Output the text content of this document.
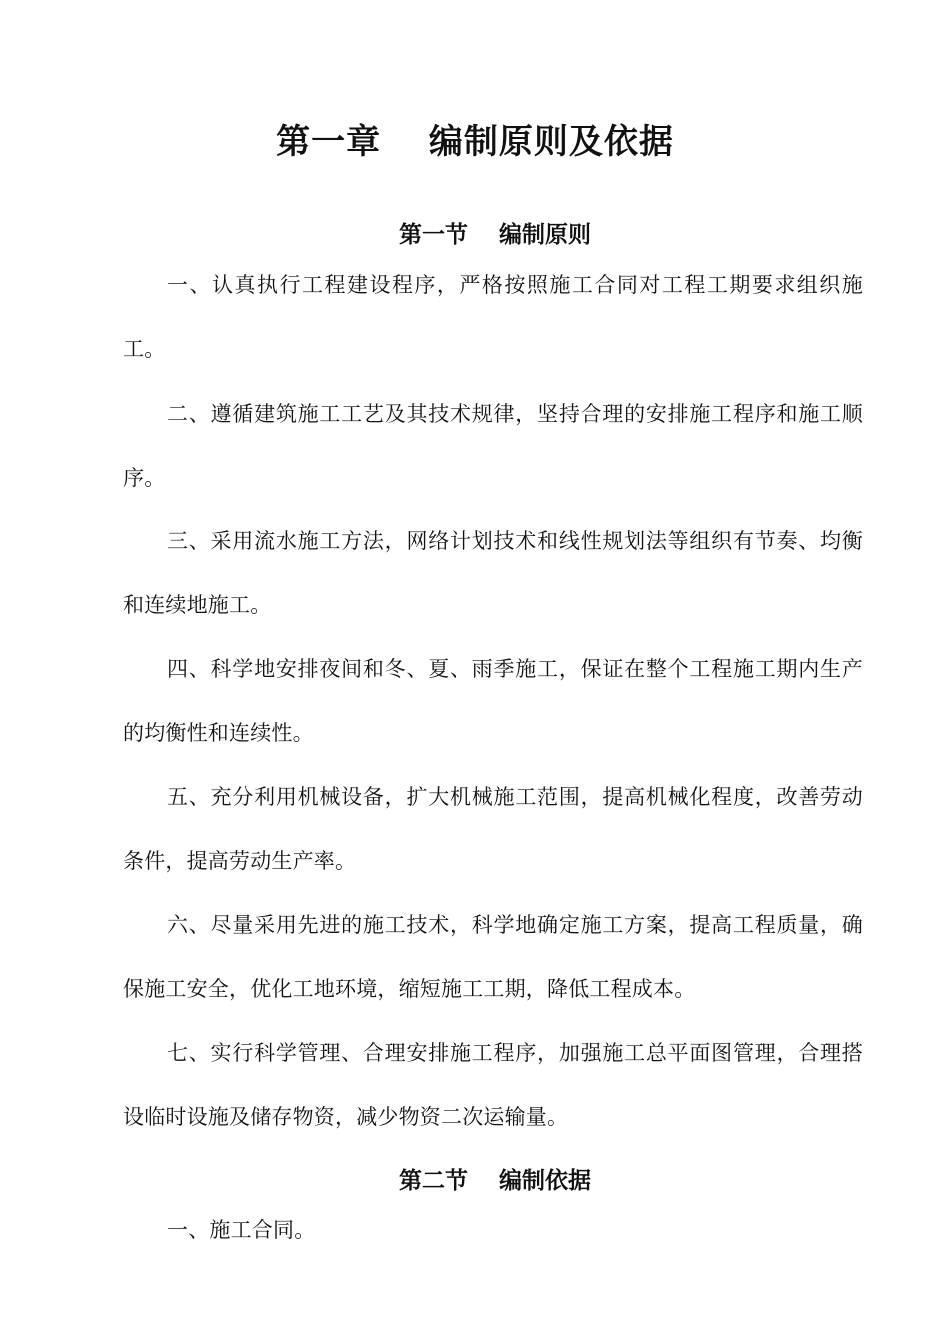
第一章　 编制原则及依据
第一节　 编制原则

一、认真执行工程建设程序，严格按照施工合同对工程工期要求组织施工。

二、遵循建筑施工工艺及其技术规律，坚持合理的安排施工程序和施工顺序。

三、采用流水施工方法，网络计划技术和线性规划法等组织有节奏、均衡和连续地施工。

四、科学地安排夜间和冬、夏、雨季施工，保证在整个工程施工期内生产的均衡性和连续性。

五、充分利用机械设备，扩大机械施工范围，提高机械化程度，改善劳动条件，提高劳动生产率。

六、尽量采用先进的施工技术，科学地确定施工方案，提高工程质量，确保施工安全，优化工地环境，缩短施工工期，降低工程成本。

七、实行科学管理、合理安排施工程序，加强施工总平面图管理，合理搭设临时设施及储存物资，减少物资二次运输量。

第二节　 编制依据

一、施工合同。
